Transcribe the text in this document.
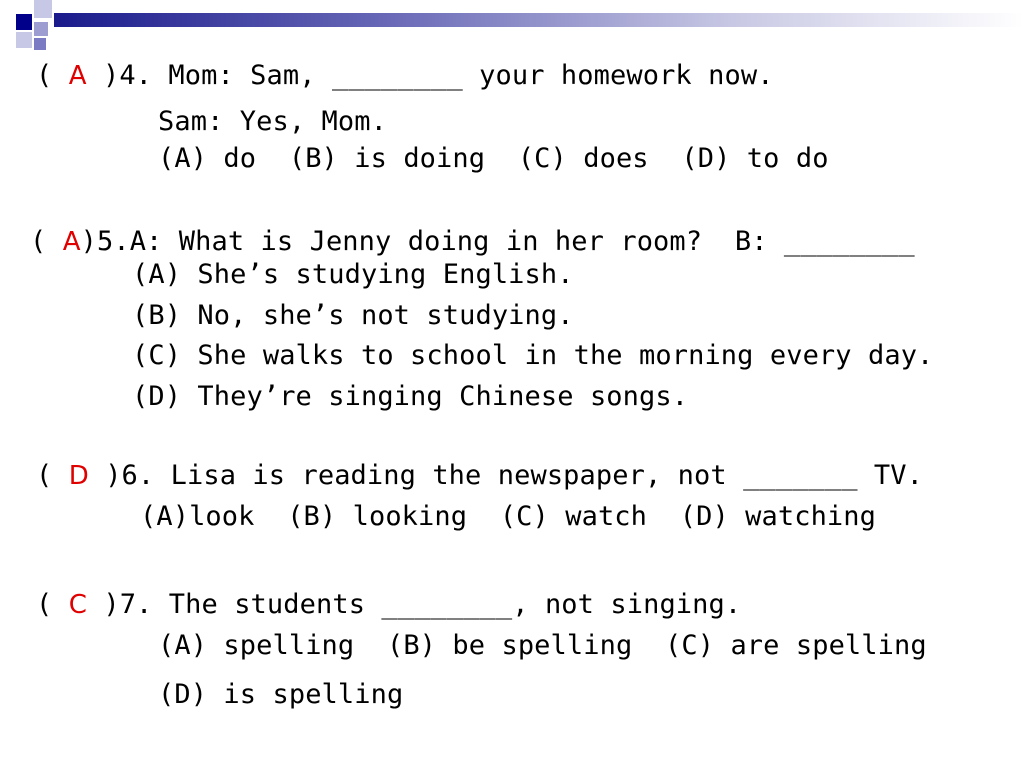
( A )4. Mom: Sam, ________ your homework now.
Sam: Yes, Mom.
(A) do  (B) is doing  (C) does  (D) to do
( A)5.A: What is Jenny doing in her room?  B: ________
(A) She’s studying English.
(B) No, she’s not studying.
(C) She walks to school in the morning every day.
(D) They’re singing Chinese songs.
( D )6. Lisa is reading the newspaper, not _______ TV.
(A)look  (B) looking  (C) watch  (D) watching
( C )7. The students ________, not singing.
(A) spelling  (B) be spelling  (C) are spelling
(D) is spelling
